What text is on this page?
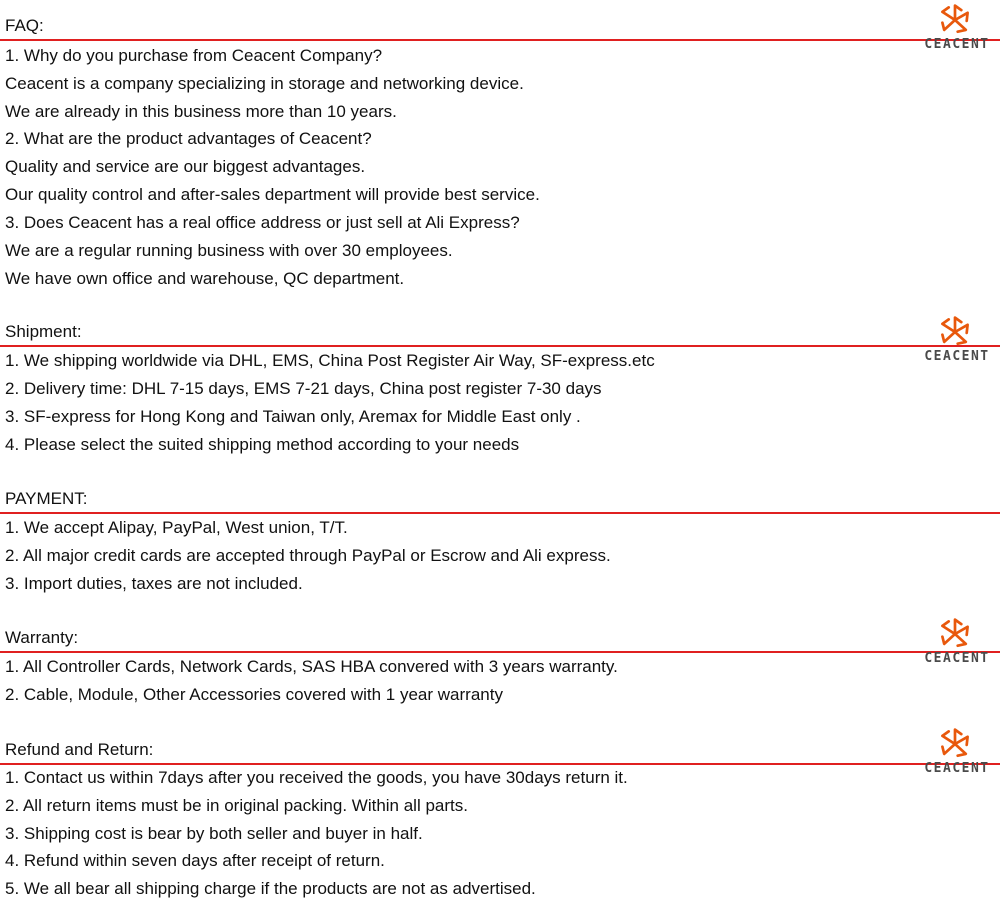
FAQ:
1. Why do you purchase from Ceacent Company?
Ceacent is a company specializing in storage and networking device.
We are already in this business more than 10 years.
2. What are the product advantages of Ceacent?
Quality and service are our biggest advantages.
Our quality control and after-sales department will provide best service.
3. Does Ceacent has a real office address or just sell at Ali Express?
We are a regular running business with over 30 employees.
We have own office and warehouse, QC department.
CEACENT
Shipment:
1. We shipping worldwide via DHL, EMS, China Post Register Air Way, SF-express.etc
2. Delivery time: DHL 7-15 days, EMS 7-21 days, China post register 7-30 days
3. SF-express for Hong Kong and Taiwan only, Aremax for Middle East only .
4. Please select the suited shipping method according to your needs
CEACENT
PAYMENT:
1. We accept Alipay, PayPal, West union, T/T.
2. All major credit cards are accepted through PayPal or Escrow and Ali express.
3. Import duties, taxes are not included.
Warranty:
1. All Controller Cards, Network Cards, SAS HBA convered with 3 years warranty.
2. Cable, Module, Other Accessories covered with 1 year warranty
CEACENT
Refund and Return:
1. Contact us within 7days after you received the goods, you have 30days return it.
2. All return items must be in original packing. Within all parts.
3. Shipping cost is bear by both seller and buyer in half.
4. Refund within seven days after receipt of return.
5. We all bear all shipping charge if the products are not as advertised.
CEACENT
